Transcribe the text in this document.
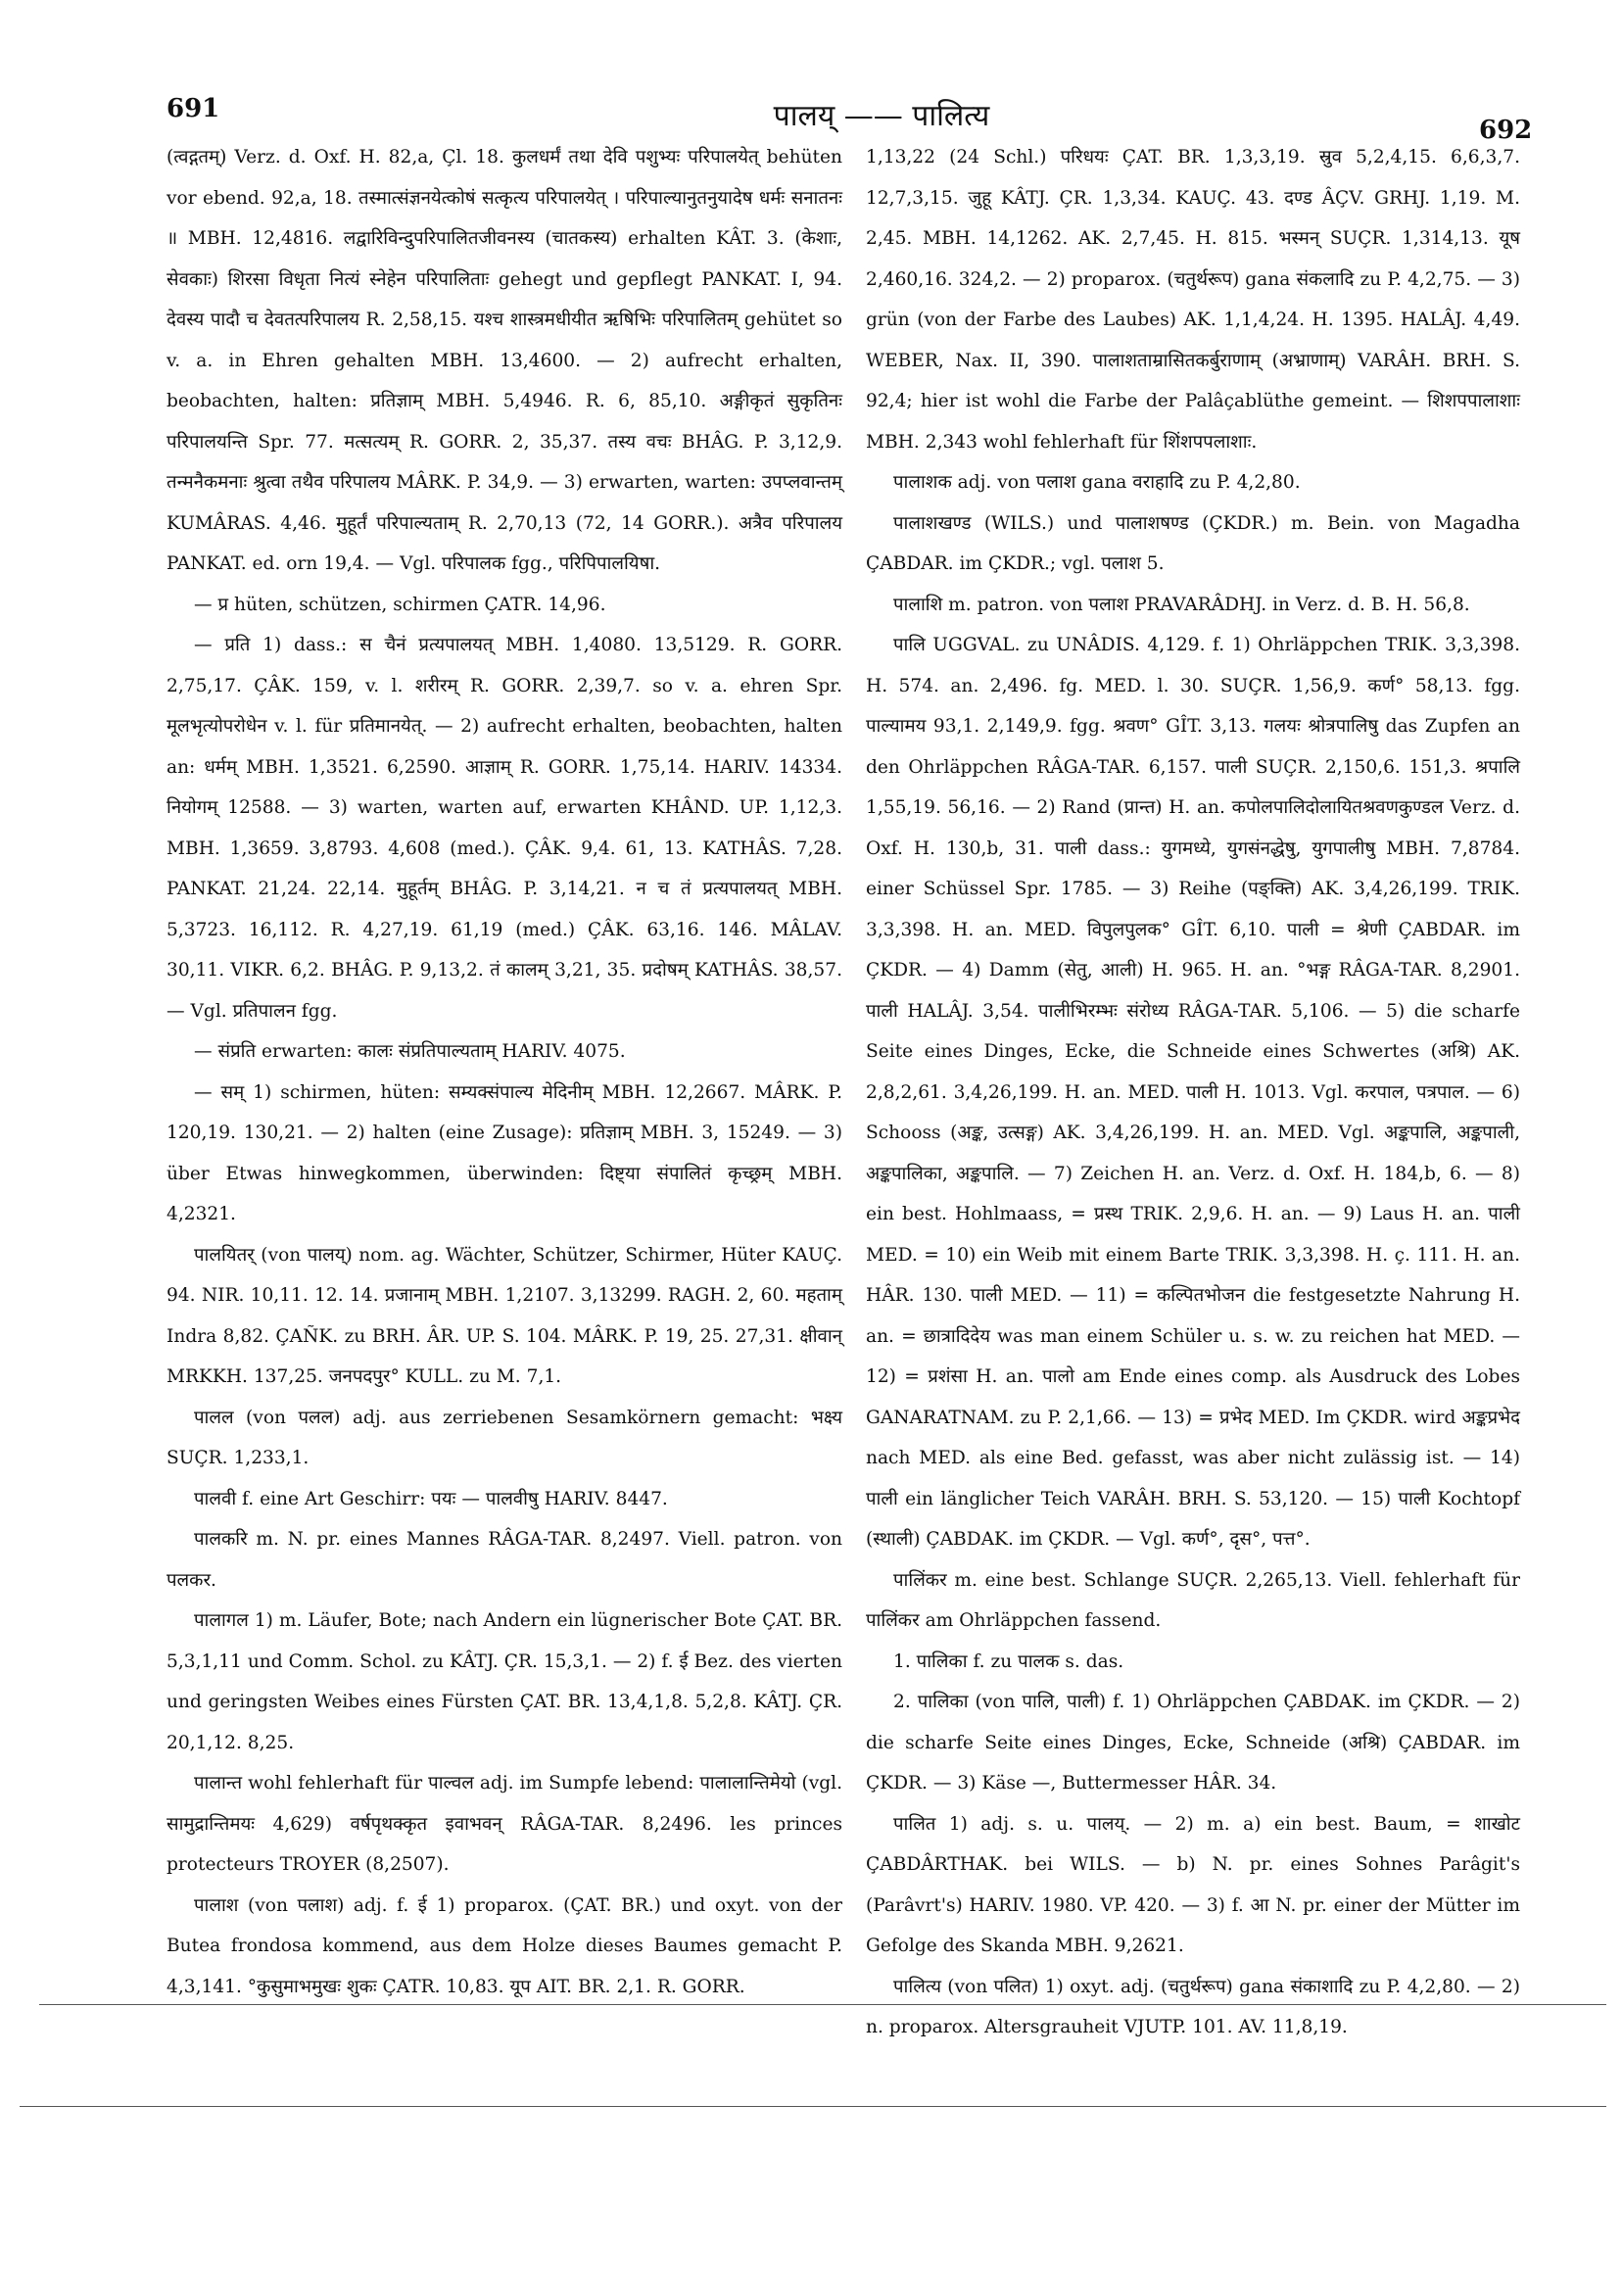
691	पालय् —— पालित्य	692

(त्वद्गतम्) Verz. d. Oxf. H. 82,a, Çl. 18. कुलधर्मं तथा देवि पशुभ्यः परिपालयेत् behüten vor ebend. 92,a, 18. तस्मात्संज्ञनयेत्कोषं सत्कृत्य परिपालयेत् । परिपाल्यानुतनुयादेष धर्मः सनातनः ॥ MBH. 12,4816. लद्वारिविन्दुपरिपालितजीवनस्य (चातकस्य) erhalten KÂT. 3. (केशाः, सेवकाः) शिरसा विधृता नित्यं स्नेहेन परिपालिताः gehegt und gepflegt PANKAT. I, 94. देवस्य पादौ च देवतत्परिपालय R. 2,58,15. यश्च शास्त्रमधीयीत ऋषिभिः परिपालितम् gehütet so v. a. in Ehren gehalten MBH. 13,4600. — 2) aufrecht erhalten, beobachten, halten: प्रतिज्ञाम् MBH. 5,4946. R. 6, 85,10. अङ्गीकृतं सुकृतिनः परिपालयन्ति Spr. 77. मत्सत्यम् R. GORR. 2, 35,37. तस्य वचः BHÂG. P. 3,12,9. तन्मनैकमनाः श्रुत्वा तथैव परिपालय MÂRK. P. 34,9. — 3) erwarten, warten: उपप्लवान्तम् KUMÂRAS. 4,46. मुहूर्तं परिपाल्यताम् R. 2,70,13 (72, 14 GORR.). अत्रैव परिपालय PANKAT. ed. orn 19,4. — Vgl. परिपालक fgg., परिपिपालयिषा.

— प्र hüten, schützen, schirmen ÇATR. 14,96.

— प्रति 1) dass.: स चैनं प्रत्यपालयत् MBH. 1,4080. 13,5129. R. GORR. 2,75,17. ÇÂK. 159, v. l. शरीरम् R. GORR. 2,39,7. so v. a. ehren Spr. मूलभृत्योपरोधेन v. l. für प्रतिमानयेत्. — 2) aufrecht erhalten, beobachten, halten an: धर्मम् MBH. 1,3521. 6,2590. आज्ञाम् R. GORR. 1,75,14. HARIV. 14334. नियोगम् 12588. — 3) warten, warten auf, erwarten KHÂND. UP. 1,12,3. MBH. 1,3659. 3,8793. 4,608 (med.). ÇÂK. 9,4. 61, 13. KATHÂS. 7,28. PANKAT. 21,24. 22,14. मुहूर्तम् BHÂG. P. 3,14,21. न च तं प्रत्यपालयत् MBH. 5,3723. 16,112. R. 4,27,19. 61,19 (med.) ÇÂK. 63,16. 146. MÂLAV. 30,11. VIKR. 6,2. BHÂG. P. 9,13,2. तं कालम् 3,21, 35. प्रदोषम् KATHÂS. 38,57. — Vgl. प्रतिपालन fgg.

— संप्रति erwarten: कालः संप्रतिपाल्यताम् HARIV. 4075.

— सम् 1) schirmen, hüten: सम्यक्संपाल्य मेदिनीम् MBH. 12,2667. MÂRK. P. 120,19. 130,21. — 2) halten (eine Zusage): प्रतिज्ञाम् MBH. 3, 15249. — 3) über Etwas hinwegkommen, überwinden: दिष्ट्या संपालितं कृच्छ्रम् MBH. 4,2321.

पालयितर् (von पालय्) nom. ag. Wächter, Schützer, Schirmer, Hüter KAUÇ. 94. NIR. 10,11. 12. 14. प्रजानाम् MBH. 1,2107. 3,13299. RAGH. 2, 60. महताम् Indra 8,82. ÇAÑK. zu BRH. ÂR. UP. S. 104. MÂRK. P. 19, 25. 27,31. क्षीवान् MRKKH. 137,25. जनपदपुर° KULL. zu M. 7,1.

पालल (von पलल) adj. aus zerriebenen Sesamkörnern gemacht: भक्ष्य SUÇR. 1,233,1.

पालवी f. eine Art Geschirr: पयः — पालवीषु HARIV. 8447.

पालकरि m. N. pr. eines Mannes RÂGA-TAR. 8,2497. Viell. patron. von पलकर.

पालागल 1) m. Läufer, Bote; nach Andern ein lügnerischer Bote ÇAT. BR. 5,3,1,11 und Comm. Schol. zu KÂTJ. ÇR. 15,3,1. — 2) f. ई Bez. des vierten und geringsten Weibes eines Fürsten ÇAT. BR. 13,4,1,8. 5,2,8. KÂTJ. ÇR. 20,1,12. 8,25.

पालान्त wohl fehlerhaft für पाल्वल adj. im Sumpfe lebend: पालालान्तिमेयो (vgl. सामुद्रान्तिमयः 4,629) वर्षपृथक्कृत इवाभवन् RÂGA-TAR. 8,2496. les princes protecteurs TROYER (8,2507).

पालाश (von पलाश) adj. f. ई 1) proparox. (ÇAT. BR.) und oxyt. von der Butea frondosa kommend, aus dem Holze dieses Baumes gemacht P. 4,3,141. °कुसुमाभमुखः शुकः ÇATR. 10,83. यूप AIT. BR. 2,1. R. GORR.

1,13,22 (24 Schl.) परिधयः ÇAT. BR. 1,3,3,19. स्रुव 5,2,4,15. 6,6,3,7. 12,7,3,15. जुहू KÂTJ. ÇR. 1,3,34. KAUÇ. 43. दण्ड ÂÇV. GRHJ. 1,19. M. 2,45. MBH. 14,1262. AK. 2,7,45. H. 815. भस्मन् SUÇR. 1,314,13. यूष 2,460,16. 324,2. — 2) proparox. (चतुर्थरूप) gana संकलादि zu P. 4,2,75. — 3) grün (von der Farbe des Laubes) AK. 1,1,4,24. H. 1395. HALÂJ. 4,49. WEBER, Nax. II, 390. पालाशताम्रासितकर्बुराणाम् (अभ्राणाम्) VARÂH. BRH. S. 92,4; hier ist wohl die Farbe der Palâçablüthe gemeint. — शिशपपालाशाः MBH. 2,343 wohl fehlerhaft für शिंशपपलाशाः.

पालाशक adj. von पलाश gana वराहादि zu P. 4,2,80.

पालाशखण्ड (WILS.) und पालाशषण्ड (ÇKDR.) m. Bein. von Magadha ÇABDAR. im ÇKDR.; vgl. पलाश 5.

पालाशि m. patron. von पलाश PRAVARÂDHJ. in Verz. d. B. H. 56,8.

पालि UGGVAL. zu UNÂDIS. 4,129. f. 1) Ohrläppchen TRIK. 3,3,398. H. 574. an. 2,496. fg. MED. l. 30. SUÇR. 1,56,9. कर्ण° 58,13. fgg. पाल्यामय 93,1. 2,149,9. fgg. श्रवण° GÎT. 3,13. गलयः श्रोत्रपालिषु das Zupfen an den Ohrläppchen RÂGA-TAR. 6,157. पाली SUÇR. 2,150,6. 151,3. श्रपालि 1,55,19. 56,16. — 2) Rand (प्रान्त) H. an. कपोलपालिदोलायितश्रवणकुण्डल Verz. d. Oxf. H. 130,b, 31. पाली dass.: युगमध्ये, युगसंनद्धेषु, युगपालीषु MBH. 7,8784. einer Schüssel Spr. 1785. — 3) Reihe (पङ्क्ति) AK. 3,4,26,199. TRIK. 3,3,398. H. an. MED. विपुलपुलक° GÎT. 6,10. पाली = श्रेणी ÇABDAR. im ÇKDR. — 4) Damm (सेतु, आली) H. 965. H. an. °भङ्ग RÂGA-TAR. 8,2901. पाली HALÂJ. 3,54. पालीभिरम्भः संरोध्य RÂGA-TAR. 5,106. — 5) die scharfe Seite eines Dinges, Ecke, die Schneide eines Schwertes (अश्रि) AK. 2,8,2,61. 3,4,26,199. H. an. MED. पाली H. 1013. Vgl. करपाल, पत्रपाल. — 6) Schooss (अङ्क, उत्सङ्ग) AK. 3,4,26,199. H. an. MED. Vgl. अङ्कपालि, अङ्कपाली, अङ्कपालिका, अङ्कपालि. — 7) Zeichen H. an. Verz. d. Oxf. H. 184,b, 6. — 8) ein best. Hohlmaass, = प्रस्थ TRIK. 2,9,6. H. an. — 9) Laus H. an. पाली MED. = 10) ein Weib mit einem Barte TRIK. 3,3,398. H. ç. 111. H. an. HÂR. 130. पाली MED. — 11) = कल्पितभोजन die festgesetzte Nahrung H. an. = छात्रादिदेय was man einem Schüler u. s. w. zu reichen hat MED. — 12) = प्रशंसा H. an. पालो am Ende eines comp. als Ausdruck des Lobes GANARATNAM. zu P. 2,1,66. — 13) = प्रभेद MED. Im ÇKDR. wird अङ्कप्रभेद nach MED. als eine Bed. gefasst, was aber nicht zulässig ist. — 14) पाली ein länglicher Teich VARÂH. BRH. S. 53,120. — 15) पाली Kochtopf (स्थाली) ÇABDAK. im ÇKDR. — Vgl. कर्ण°, दृस°, पत्त°.

पालिंकर m. eine best. Schlange SUÇR. 2,265,13. Viell. fehlerhaft für पालिंकर am Ohrläppchen fassend.

1. पालिका f. zu पालक s. das.

2. पालिका (von पालि, पाली) f. 1) Ohrläppchen ÇABDAK. im ÇKDR. — 2) die scharfe Seite eines Dinges, Ecke, Schneide (अश्रि) ÇABDAR. im ÇKDR. — 3) Käse —, Buttermesser HÂR. 34.

पालित 1) adj. s. u. पालय्. — 2) m. a) ein best. Baum, = शाखोट ÇABDÂRTHAK. bei WILS. — b) N. pr. eines Sohnes Parâgit's (Parâvrt's) HARIV. 1980. VP. 420. — 3) f. आ N. pr. einer der Mütter im Gefolge des Skanda MBH. 9,2621.

पालित्य (von पलित) 1) oxyt. adj. (चतुर्थरूप) gana संकाशादि zu P. 4,2,80. — 2) n. proparox. Altersgrauheit VJUTP. 101. AV. 11,8,19.
